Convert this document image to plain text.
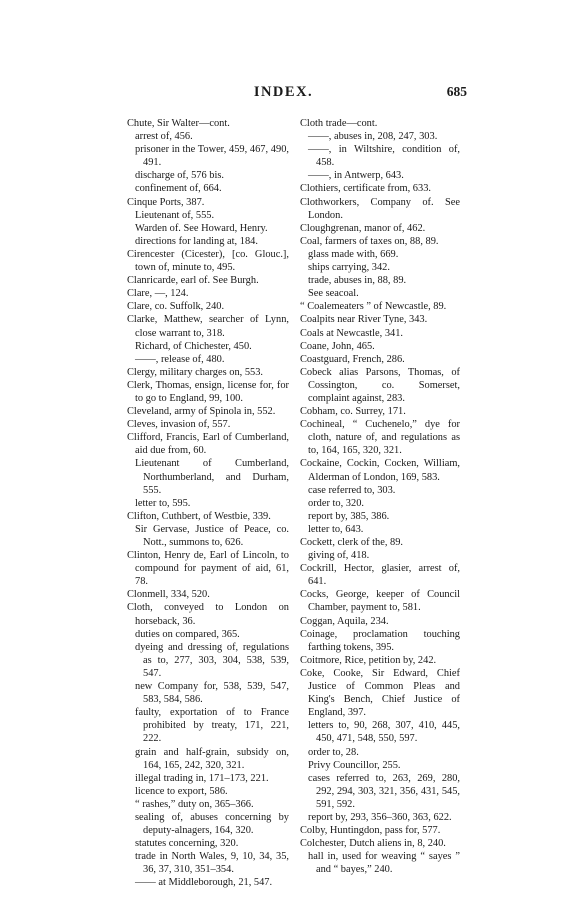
INDEX.	685

Chute, Sir Walter—cont.

arrest of, 456.

prisoner in the Tower, 459, 467, 490, 491.

discharge of, 576 bis.

confinement of, 664.

Cinque Ports, 387.

Lieutenant of, 555.

Warden of. See Howard, Henry.

directions for landing at, 184.

Cirencester (Cicester), [co. Glouc.], town of, minute to, 495.

Clanricarde, earl of. See Burgh.

Clare, —, 124.

Clare, co. Suffolk, 240.

Clarke, Matthew, searcher of Lynn, close warrant to, 318.

Richard, of Chichester, 450.

——, release of, 480.

Clergy, military charges on, 553.

Clerk, Thomas, ensign, license for, for to go to England, 99, 100.

Cleveland, army of Spinola in, 552.

Cleves, invasion of, 557.

Clifford, Francis, Earl of Cumberland, aid due from, 60.

Lieutenant of Cumberland, Northumberland, and Durham, 555.

letter to, 595.

Clifton, Cuthbert, of Westbie, 339.

Sir Gervase, Justice of Peace, co. Nott., summons to, 626.

Clinton, Henry de, Earl of Lincoln, to compound for payment of aid, 61, 78.

Clonmell, 334, 520.

Cloth, conveyed to London on horseback, 36.

duties on compared, 365.

dyeing and dressing of, regulations as to, 277, 303, 304, 538, 539, 547.

new Company for, 538, 539, 547, 583, 584, 586.

faulty, exportation of to France prohibited by treaty, 171, 221, 222.

grain and half-grain, subsidy on, 164, 165, 242, 320, 321.

illegal trading in, 171–173, 221.

licence to export, 586.

“ rashes,” duty on, 365–366.

sealing of, abuses concerning by deputy-alnagers, 164, 320.

statutes concerning, 320.

trade in North Wales, 9, 10, 34, 35, 36, 37, 310, 351–354.

—— at Middleborough, 21, 547.

Cloth trade—cont.

——, abuses in, 208, 247, 303.

——, in Wiltshire, condition of, 458.

——, in Antwerp, 643.

Clothiers, certificate from, 633.

Clothworkers, Company of. See London.

Cloughgrenan, manor of, 462.

Coal, farmers of taxes on, 88, 89.

glass made with, 669.

ships carrying, 342.

trade, abuses in, 88, 89.

See seacoal.

“ Coalemeaters ” of Newcastle, 89.

Coalpits near River Tyne, 343.

Coals at Newcastle, 341.

Coane, John, 465.

Coastguard, French, 286.

Cobeck alias Parsons, Thomas, of Cossington, co. Somerset, complaint against, 283.

Cobham, co. Surrey, 171.

Cochineal, “ Cuchenelo,” dye for cloth, nature of, and regulations as to, 164, 165, 320, 321.

Cockaine, Cockin, Cocken, William, Alderman of London, 169, 583.

case referred to, 303.

order to, 320.

report by, 385, 386.

letter to, 643.

Cockett, clerk of the, 89.

giving of, 418.

Cockrill, Hector, glasier, arrest of, 641.

Cocks, George, keeper of Council Chamber, payment to, 581.

Coggan, Aquila, 234.

Coinage, proclamation touching farthing tokens, 395.

Coitmore, Rice, petition by, 242.

Coke, Cooke, Sir Edward, Chief Justice of Common Pleas and King's Bench, Chief Justice of England, 397.

letters to, 90, 268, 307, 410, 445, 450, 471, 548, 550, 597.

order to, 28.

Privy Councillor, 255.

cases referred to, 263, 269, 280, 292, 294, 303, 321, 356, 431, 545, 591, 592.

report by, 293, 356–360, 363, 622.

Colby, Huntingdon, pass for, 577.

Colchester, Dutch aliens in, 8, 240.

hall in, used for weaving “ sayes ” and “ bayes,” 240.
